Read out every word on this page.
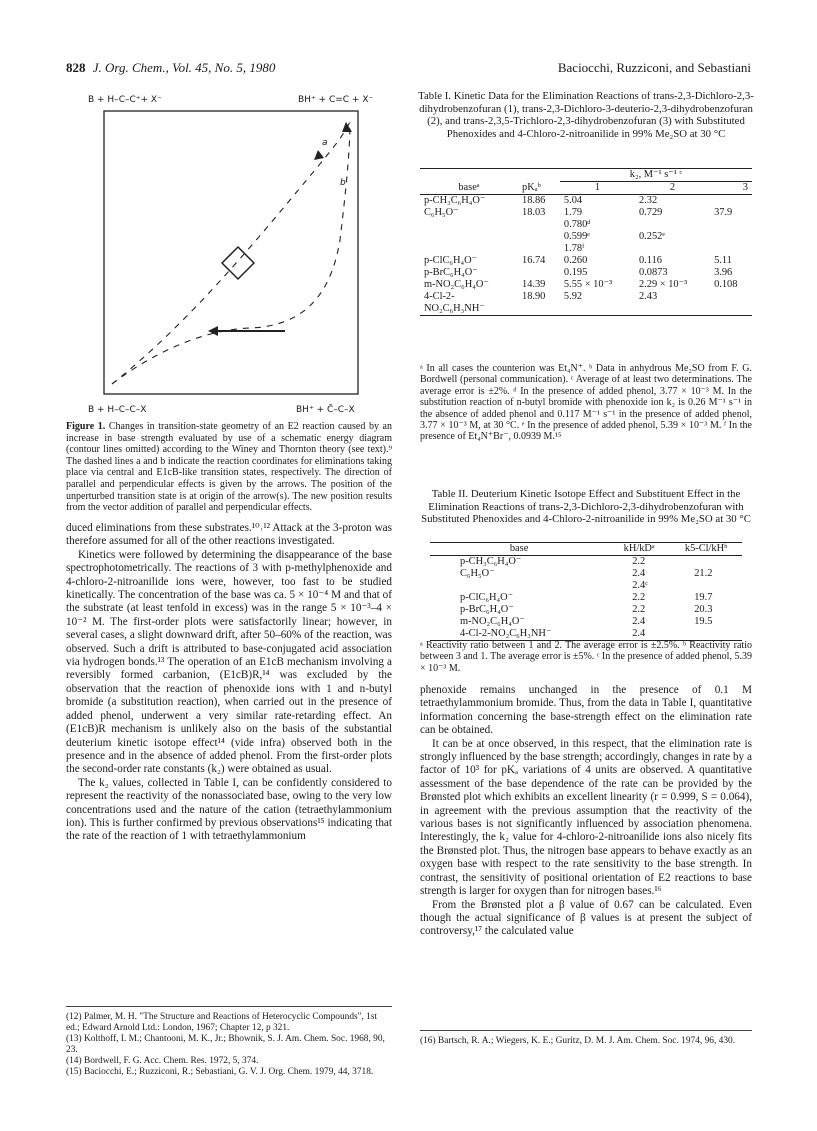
828 J. Org. Chem., Vol. 45, No. 5, 1980	Baciocchi, Ruzziconi, and Sebastiani
B + H–C–C⁺+ X⁻	BH⁺ + C=C + X⁻
b
a
B + H–C–C–X	BH⁺ + C̄–C–X
Figure 1. Changes in transition-state geometry of an E2 reaction caused by an increase in base strength evaluated by use of a schematic energy diagram (contour lines omitted) according to the Winey and Thornton theory (see text).⁹ The dashed lines a and b indicate the reaction coordinates for eliminations taking place via central and E1cB-like transition states, respectively. The direction of parallel and perpendicular effects is given by the arrows. The position of the unperturbed transition state is at origin of the arrow(s). The new position results from the vector addition of parallel and perpendicular effects.

duced eliminations from these substrates.¹⁰˒¹² Attack at the 3-proton was therefore assumed for all of the other reactions investigated.

Kinetics were followed by determining the disappearance of the base spectrophotometrically. The reactions of 3 with p-methylphenoxide and 4-chloro-2-nitroanilide ions were, however, too fast to be studied kinetically. The concentration of the base was ca. 5 × 10⁻⁴ M and that of the substrate (at least tenfold in excess) was in the range 5 × 10⁻³–4 × 10⁻² M. The first-order plots were satisfactorily linear; however, in several cases, a slight downward drift, after 50–60% of the reaction, was observed. Such a drift is attributed to base-conjugated acid association via hydrogen bonds.¹³ The operation of an E1cB mechanism involving a reversibly formed carbanion, (E1cB)R,¹⁴ was excluded by the observation that the reaction of phenoxide ions with 1 and n-butyl bromide (a substitution reaction), when carried out in the presence of added phenol, underwent a very similar rate-retarding effect. An (E1cB)R mechanism is unlikely also on the basis of the substantial deuterium kinetic isotope effect¹⁴ (vide infra) observed both in the presence and in the absence of added phenol. From the first-order plots the second-order rate constants (k₂) were obtained as usual.

The k₂ values, collected in Table I, can be confidently considered to represent the reactivity of the nonassociated base, owing to the very low concentrations used and the nature of the cation (tetraethylammonium ion). This is further confirmed by previous observations¹⁵ indicating that the rate of the reaction of 1 with tetraethylammonium

(12) Palmer, M. H. "The Structure and Reactions of Heterocyclic Compounds", 1st ed.; Edward Arnold Ltd.: London, 1967; Chapter 12, p 321.
(13) Kolthoff, I. M.; Chantooni, M. K., Jr.; Bhownik, S. J. Am. Chem. Soc. 1968, 90, 23.
(14) Bordwell, F. G. Acc. Chem. Res. 1972, 5, 374.
(15) Baciocchi, E.; Ruzziconi, R.; Sebastiani, G. V. J. Org. Chem. 1979, 44, 3718.
Table I. Kinetic Data for the Elimination Reactions of trans-2,3-Dichloro-2,3-dihydrobenzofuran (1), trans-2,3-Dichloro-3-deuterio-2,3-dihydrobenzofuran (2), and trans-2,3,5-Trichloro-2,3-dihydrobenzofuran (3) with Substituted Phenoxides and 4-Chloro-2-nitroanilide in 99% Me₂SO at 30 °C
		k₂, M⁻¹ s⁻¹ ᶜ		
baseᵃ	pKₐᵇ	1	2	3
p-CH₃C₆H₄O⁻	18.86	5.04	2.32	
C₆H₅O⁻	18.03	1.79	0.729	37.9
		0.780ᵈ		
		0.599ᵉ	0.252ᵉ	
		1.78ᶠ		
p-ClC₆H₄O⁻	16.74	0.260	0.116	5.11
p-BrC₆H₄O⁻		0.195	0.0873	3.96
m-NO₂C₆H₄O⁻	14.39	5.55 × 10⁻³	2.29 × 10⁻³	0.108
4-Cl-2-NO₂C₆H₃NH⁻	18.90	5.92	2.43	

ᵃ In all cases the counterion was Et₄N⁺. ᵇ Data in anhydrous Me₂SO from F. G. Bordwell (personal communication). ᶜ Average of at least two determinations. The average error is ±2%. ᵈ In the presence of added phenol, 3.77 × 10⁻³ M. In the substitution reaction of n-butyl bromide with phenoxide ion k₂ is 0.26 M⁻¹ s⁻¹ in the absence of added phenol and 0.117 M⁻¹ s⁻¹ in the presence of added phenol, 3.77 × 10⁻³ M, at 30 °C. ᵉ In the presence of added phenol, 5.39 × 10⁻³ M. ᶠ In the presence of Et₄N⁺Br⁻, 0.0939 M.¹⁵
Table II. Deuterium Kinetic Isotope Effect and Substituent Effect in the Elimination Reactions of trans-2,3-Dichloro-2,3-dihydrobenzofuran with Substituted Phenoxides and 4-Chloro-2-nitroanilide in 99% Me₂SO at 30 °C
base	kH/kDᵃ	k5-Cl/kHᵇ
p-CH₃C₆H₄O⁻	2.2	
C₆H₅O⁻	2.4	21.2
	2.4ᶜ	
p-ClC₆H₄O⁻	2.2	19.7
p-BrC₆H₄O⁻	2.2	20.3
m-NO₂C₆H₄O⁻	2.4	19.5
4-Cl-2-NO₂C₆H₃NH⁻	2.4	

ᵃ Reactivity ratio between 1 and 2. The average error is ±2.5%. ᵇ Reactivity ratio between 3 and 1. The average error is ±5%. ᶜ In the presence of added phenol, 5.39 × 10⁻³ M.

phenoxide remains unchanged in the presence of 0.1 M tetraethylammonium bromide. Thus, from the data in Table I, quantitative information concerning the base-strength effect on the elimination rate can be obtained.

It can be at once observed, in this respect, that the elimination rate is strongly influenced by the base strength; accordingly, changes in rate by a factor of 10³ for pKₐ variations of 4 units are observed. A quantitative assessment of the base dependence of the rate can be provided by the Brønsted plot which exhibits an excellent linearity (r = 0.999, S = 0.064), in agreement with the previous assumption that the reactivity of the various bases is not significantly influenced by association phenomena. Interestingly, the k₂ value for 4-chloro-2-nitroanilide ions also nicely fits the Brønsted plot. Thus, the nitrogen base appears to behave exactly as an oxygen base with respect to the rate sensitivity to the base strength. In contrast, the sensitivity of positional orientation of E2 reactions to base strength is larger for oxygen than for nitrogen bases.¹⁶

From the Brønsted plot a β value of 0.67 can be calculated. Even though the actual significance of β values is at present the subject of controversy,¹⁷ the calculated value

(16) Bartsch, R. A.; Wiegers, K. E.; Guritz, D. M. J. Am. Chem. Soc. 1974, 96, 430.
